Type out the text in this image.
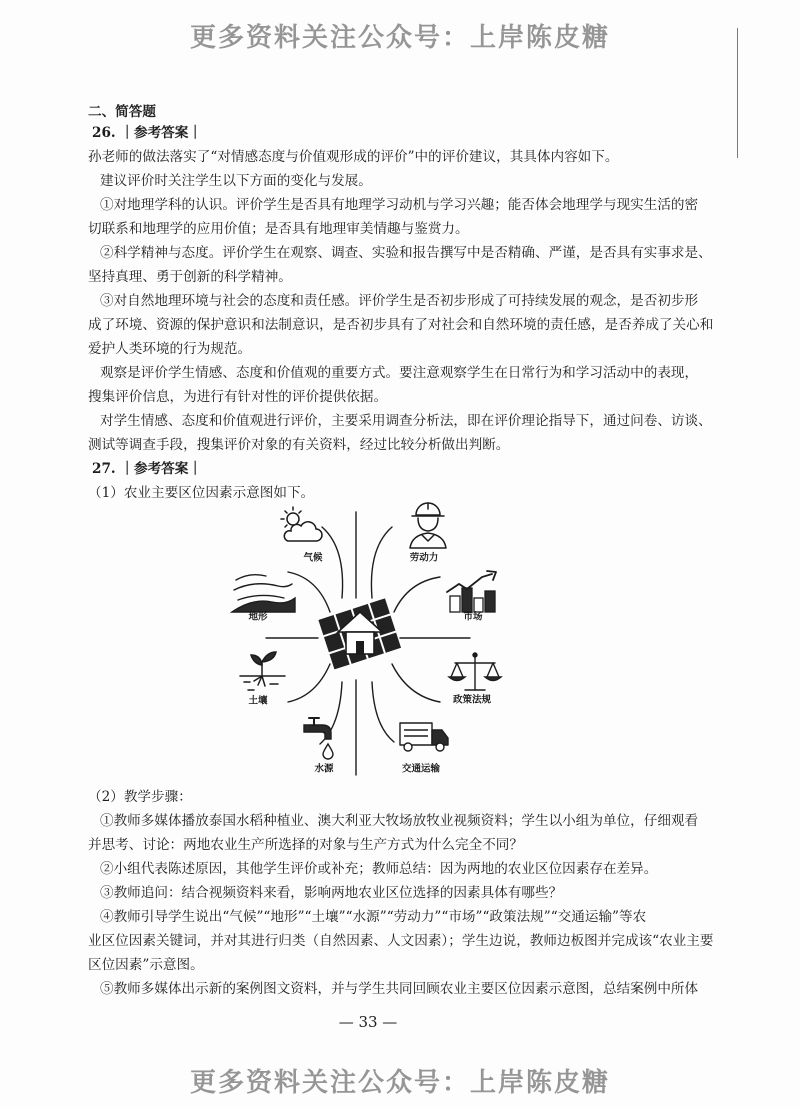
更多资料关注公众号：上岸陈皮糖
二、简答题
26. ｜参考答案｜
孙老师的做法落实了“对情感态度与价值观形成的评价”中的评价建议，其具体内容如下。
建议评价时关注学生以下方面的变化与发展。
①对地理学科的认识。评价学生是否具有地理学习动机与学习兴趣；能否体会地理学与现实生活的密
切联系和地理学的应用价值；是否具有地理审美情趣与鉴赏力。
②科学精神与态度。评价学生在观察、调查、实验和报告撰写中是否精确、严谨，是否具有实事求是、
坚持真理、勇于创新的科学精神。
③对自然地理环境与社会的态度和责任感。评价学生是否初步形成了可持续发展的观念，是否初步形
成了环境、资源的保护意识和法制意识，是否初步具有了对社会和自然环境的责任感，是否养成了关心和
爱护人类环境的行为规范。
观察是评价学生情感、态度和价值观的重要方式。要注意观察学生在日常行为和学习活动中的表现，
搜集评价信息，为进行有针对性的评价提供依据。
对学生情感、态度和价值观进行评价，主要采用调查分析法，即在评价理论指导下，通过问卷、访谈、
测试等调查手段，搜集评价对象的有关资料，经过比较分析做出判断。
27. ｜参考答案｜
（1）农业主要区位因素示意图如下。
气候	劳动力
地形	市场
土壤	政策法规
水源	交通运输
（2）教学步骤：
①教师多媒体播放泰国水稻种植业、澳大利亚大牧场放牧业视频资料；学生以小组为单位，仔细观看
并思考、讨论：两地农业生产所选择的对象与生产方式为什么完全不同？
②小组代表陈述原因，其他学生评价或补充；教师总结：因为两地的农业区位因素存在差异。
③教师追问：结合视频资料来看，影响两地农业区位选择的因素具体有哪些？
④教师引导学生说出“气候”“地形”“土壤”“水源”“劳动力”“市场”“政策法规”“交通运输”等农
业区位因素关键词，并对其进行归类（自然因素、人文因素）；学生边说，教师边板图并完成该“农业主要
区位因素”示意图。
⑤教师多媒体出示新的案例图文资料，并与学生共同回顾农业主要区位因素示意图，总结案例中所体
— 33 —
更多资料关注公众号：上岸陈皮糖
